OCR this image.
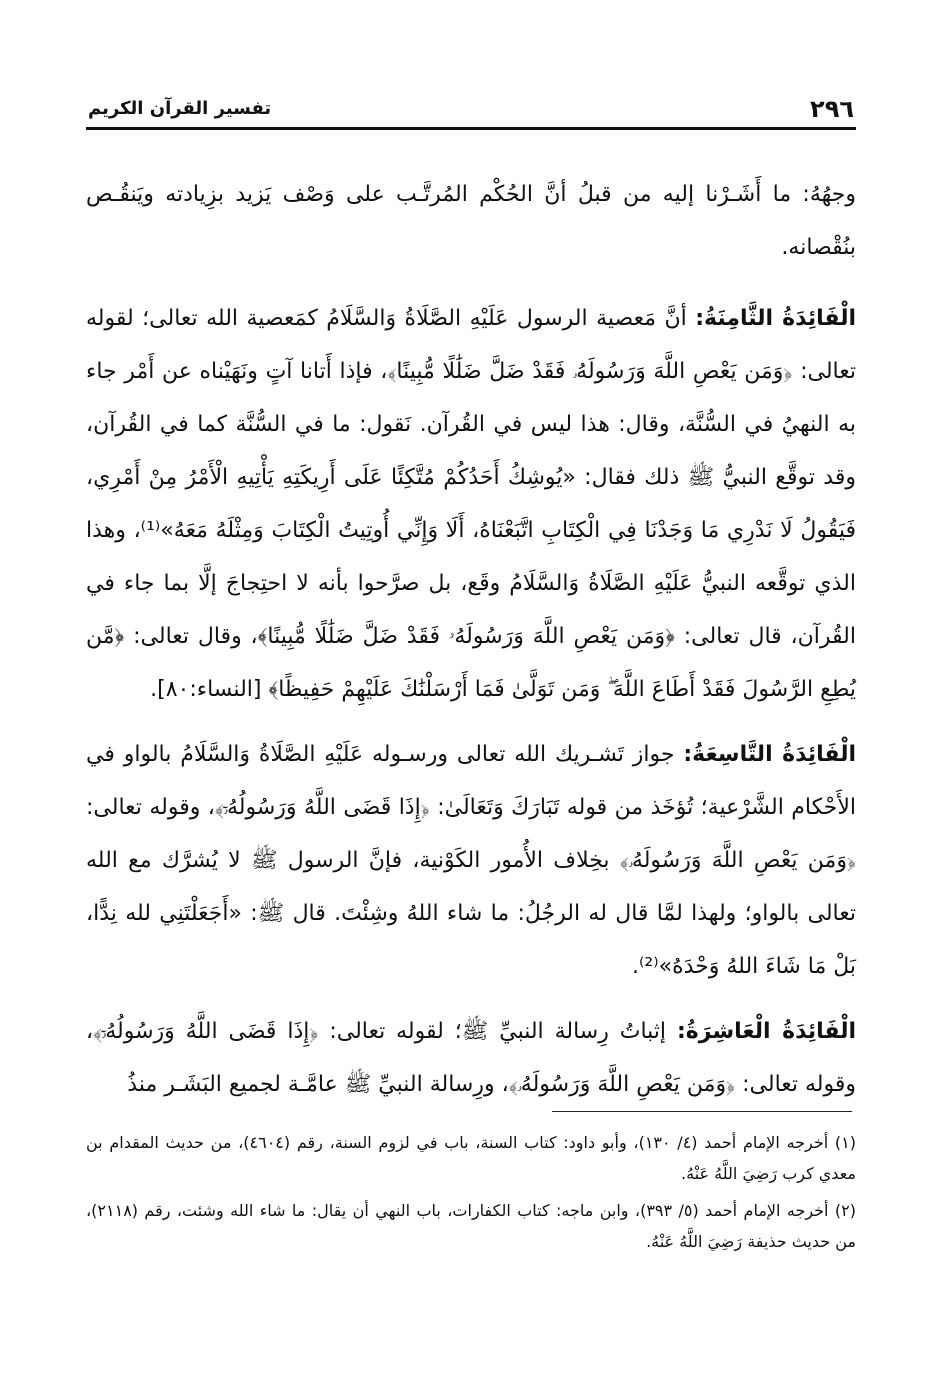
٢٩٦
تفسير القرآن الكريم

وجهُهُ: ما أَشَـرْنا إليه من قبلُ أنَّ الحُكْم المُرتَّـب على وَصْف يَزيد بزِيادته ويَنقُـص بنُقْصانه.

الْفَائِدَةُ الثَّامِنَةُ: أنَّ مَعصية الرسول عَلَيْهِ الصَّلَاةُ وَالسَّلَامُ كمَعصية الله تعالى؛ لقوله تعالى: ﴿وَمَن يَعْصِ اللَّهَ وَرَسُولَهُۥ فَقَدْ ضَلَّ ضَلَٰلًا مُّبِينًا﴾، فإذا أَتانا آتٍ ونَهَيْناه عن أَمْر جاء به النهيُ في السُّنَّة، وقال: هذا ليس في القُرآن. نَقول: ما في السُّنَّة كما في القُرآن، وقد توقَّع النبيُّ ﷺ ذلك فقال: «يُوشِكُ أَحَدُكُمْ مُتَّكِئًا عَلَى أَرِيكَتِهِ يَأْتِيهِ الْأَمْرُ مِنْ أَمْرِي، فَيَقُولُ لَا نَدْرِي مَا وَجَدْنَا فِي الْكِتَابِ اتَّبَعْنَاهُ، أَلَا وَإِنِّي أُوتِيتُ الْكِتَابَ وَمِثْلَهُ مَعَهُ»⁽¹⁾، وهذا الذي توقَّعه النبيُّ عَلَيْهِ الصَّلَاةُ وَالسَّلَامُ وقَع، بل صرَّحوا بأنه لا احتِجاجَ إلَّا بما جاء في القُرآن، قال تعالى: ﴿وَمَن يَعْصِ اللَّهَ وَرَسُولَهُۥ فَقَدْ ضَلَّ ضَلَٰلًا مُّبِينًا﴾، وقال تعالى: ﴿مَّن يُطِعِ الرَّسُولَ فَقَدْ أَطَاعَ اللَّهَ ۖ وَمَن تَوَلَّىٰ فَمَا أَرْسَلْنَٰكَ عَلَيْهِمْ حَفِيظًا﴾ [النساء:٨٠].

الْفَائِدَةُ التَّاسِعَةُ: جواز تَشـريك الله تعالى ورسـوله عَلَيْهِ الصَّلَاةُ وَالسَّلَامُ بالواو في الأَحْكام الشَّرْعية؛ تُؤخَذ من قوله تَبَارَكَ وَتَعَالَىٰ: ﴿إِذَا قَضَى اللَّهُ وَرَسُولُهُۥٓ﴾، وقوله تعالى: ﴿وَمَن يَعْصِ اللَّهَ وَرَسُولَهُۥ﴾ بخِلاف الأُمور الكَوْنية، فإنَّ الرسول ﷺ لا يُشرَّك مع الله تعالى بالواو؛ ولهذا لمَّا قال له الرجُلُ: ما شاء اللهُ وشِئْتَ. قال ﷺ: «أَجَعَلْتَنِي لله نِدًّا، بَلْ مَا شَاءَ اللهُ وَحْدَهُ»⁽²⁾.

الْفَائِدَةُ الْعَاشِرَةُ: إثباتُ رِسالة النبيِّ ﷺ؛ لقوله تعالى: ﴿إِذَا قَضَى اللَّهُ وَرَسُولُهُۥٓ﴾، وقوله تعالى: ﴿وَمَن يَعْصِ اللَّهَ وَرَسُولَهُۥ﴾، ورِسالة النبيِّ ﷺ عامَّـة لجميع البَشَـر منذُ

(١) أخرجه الإمام أحمد (٤/ ١٣٠)، وأبو داود: كتاب السنة، باب في لزوم السنة، رقم (٤٦٠٤)، من حديث المقدام بن معدي كرب رَضِيَ اللَّهُ عَنْهُ.

(٢) أخرجه الإمام أحمد (٥/ ٣٩٣)، وابن ماجه: كتاب الكفارات، باب النهي أن يقال: ما شاء الله وشئت، رقم (٢١١٨)، من حديث حذيفة رَضِيَ اللَّهُ عَنْهُ.
